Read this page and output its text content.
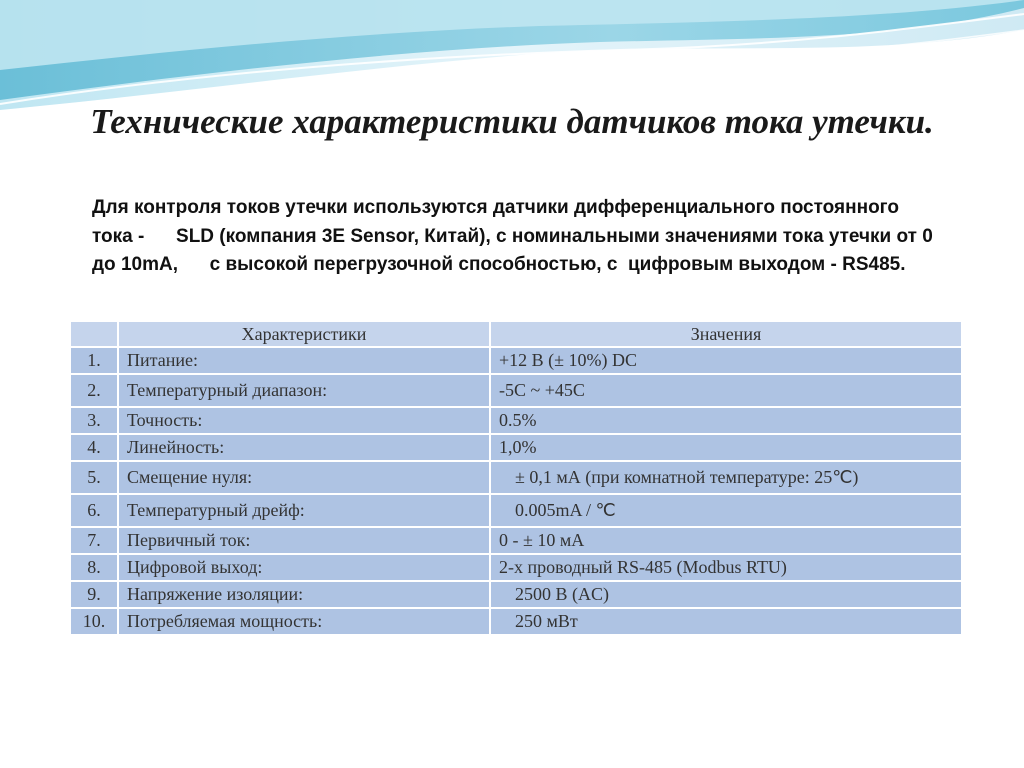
Технические характеристики датчиков тока утечки.

Для контроля токов утечки используются датчики дифференциального постоянного тока -      SLD (компания 3E Sensor, Китай), с номинальными значениями тока утечки от 0 до 10mA,      с высокой перегрузочной способностью, с  цифровым выходом - RS485.

	Характеристики	Значения
1.	Питание:	+12 В (± 10%) DC
2.	Температурный диапазон:	-5C ~ +45C
3.	Точность:	0.5%
4.	Линейность:	1,0%
5.	Смещение нуля:	± 0,1 мА (при комнатной температуре: 25℃)
6.	Температурный дрейф:	0.005mA / ℃
7.	Первичный ток:	0 - ± 10 мА
8.	Цифровой выход:	2-х проводный RS-485 (Modbus RTU)
9.	Напряжение изоляции:	2500 В (AC)
10.	Потребляемая мощность:	250 мВт
